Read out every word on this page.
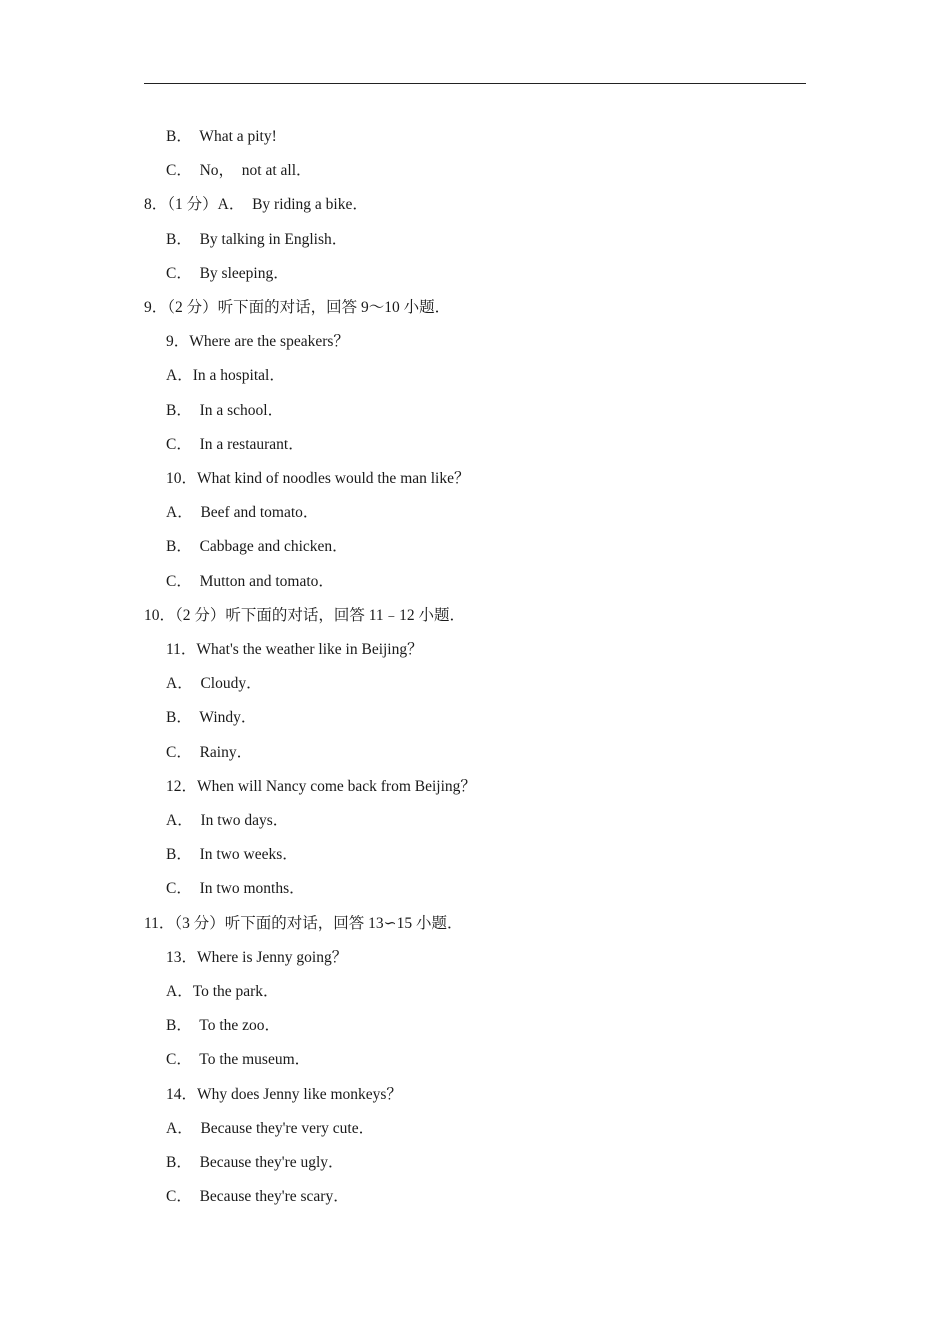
B．  What a pity!
C．  No，  not at all．
8．（1 分）A．  By riding a bike．
B．  By talking in English．
C．  By sleeping．
9．（2 分）听下面的对话，回答 9～10 小题．
9．Where are the speakers？
A．In a hospital．
B．  In a school．
C．  In a restaurant．
10．What kind of noodles would the man like？
A．  Beef and tomato．
B．  Cabbage and chicken．
C．  Mutton and tomato．
10．（2 分）听下面的对话，回答 11﹣12 小题．
11．What's the weather like in Beijing？
A．  Cloudy．
B．  Windy．
C．  Rainy．
12．When will Nancy come back from Beijing？
A．  In two days．
B．  In two weeks．
C．  In two months．
11．（3 分）听下面的对话，回答 13∽15 小题．
13．Where is Jenny going？
A．To the park．
B．  To the zoo．
C．  To the museum．
14．Why does Jenny like monkeys？
A．  Because they're very cute．
B．  Because they're ugly．
C．  Because they're scary．
